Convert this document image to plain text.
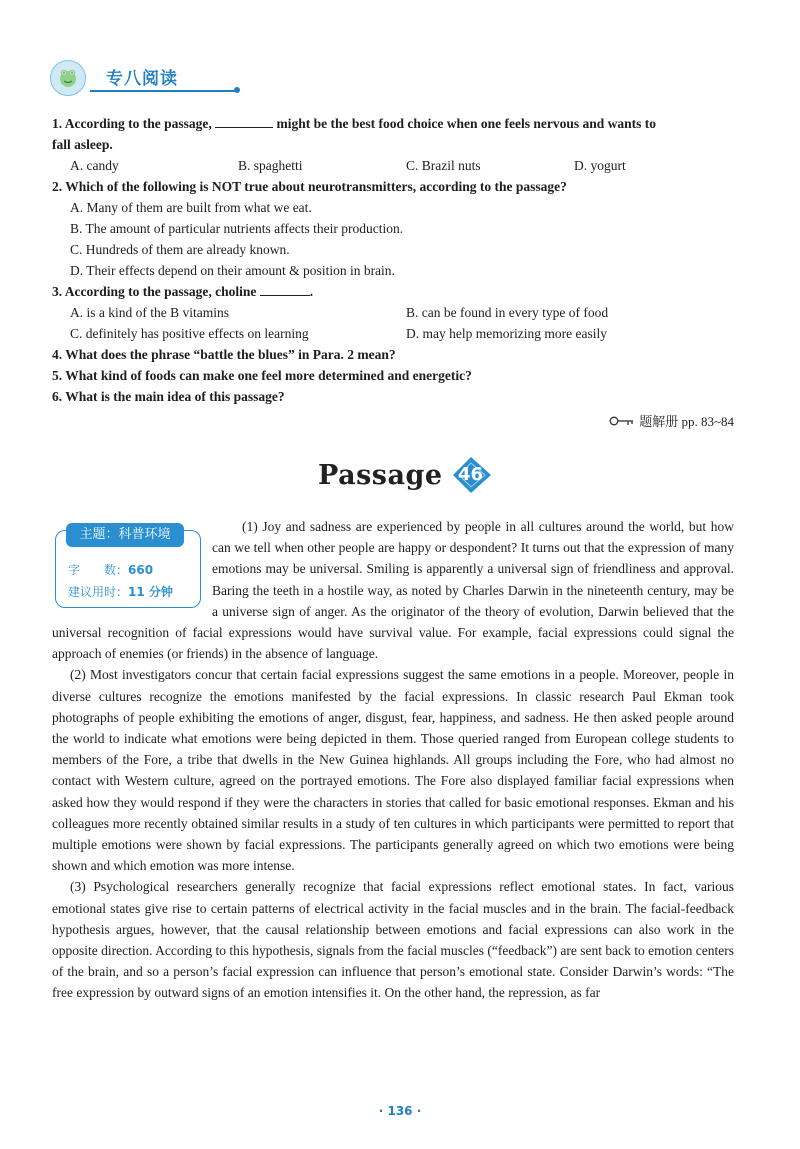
专八阅读
1. According to the passage,	might be the best food choice when one feels nervous and wants to
fall asleep.
A. candy	B. spaghetti	C. Brazil nuts	D. yogurt
2. Which of the following is NOT true about neurotransmitters, according to the passage?
A. Many of them are built from what we eat.
B. The amount of particular nutrients affects their production.
C. Hundreds of them are already known.
D. Their effects depend on their amount & position in brain.
3. According to the passage, choline	.
A. is a kind of the B vitamins	B. can be found in every type of food
C. definitely has positive effects on learning	D. may help memorizing more easily
4. What does the phrase “battle the blues” in Para. 2 mean?
5. What kind of foods can make one feel more determined and energetic?
6. What is the main idea of this passage?
题解册 pp. 83~84
Passage 46
主题：科普环境
字　　数：660
建议用时：11 分钟

(1) Joy and sadness are experienced by people in all cultures around the world, but how can we tell when other people are happy or despondent? It turns out that the expression of many emotions may be universal. Smiling is apparently a universal sign of friendliness and approval. Baring the teeth in a hostile way, as noted by Charles Darwin in the nineteenth century, may be a universe sign of anger. As the originator of the theory of evolution, Darwin believed that the universal recognition of facial expressions would have survival value. For example, facial expressions could signal the approach of enemies (or friends) in the absence of language.

(2) Most investigators concur that certain facial expressions suggest the same emotions in a people. Moreover, people in diverse cultures recognize the emotions manifested by the facial expressions. In classic research Paul Ekman took photographs of people exhibiting the emotions of anger, disgust, fear, happiness, and sadness. He then asked people around the world to indicate what emotions were being depicted in them. Those queried ranged from European college students to members of the Fore, a tribe that dwells in the New Guinea highlands. All groups including the Fore, who had almost no contact with Western culture, agreed on the portrayed emotions. The Fore also displayed familiar facial expressions when asked how they would respond if they were the characters in stories that called for basic emotional responses. Ekman and his colleagues more recently obtained similar results in a study of ten cultures in which participants were permitted to report that multiple emotions were shown by facial expressions. The participants generally agreed on which two emotions were being shown and which emotion was more intense.

(3) Psychological researchers generally recognize that facial expressions reflect emotional states. In fact, various emotional states give rise to certain patterns of electrical activity in the facial muscles and in the brain. The facial-feedback hypothesis argues, however, that the causal relationship between emotions and facial expressions can also work in the opposite direction. According to this hypothesis, signals from the facial muscles (“feedback”) are sent back to emotion centers of the brain, and so a person’s facial expression can influence that person’s emotional state. Consider Darwin’s words: “The free expression by outward signs of an emotion intensifies it. On the other hand, the repression, as far

· 136 ·
